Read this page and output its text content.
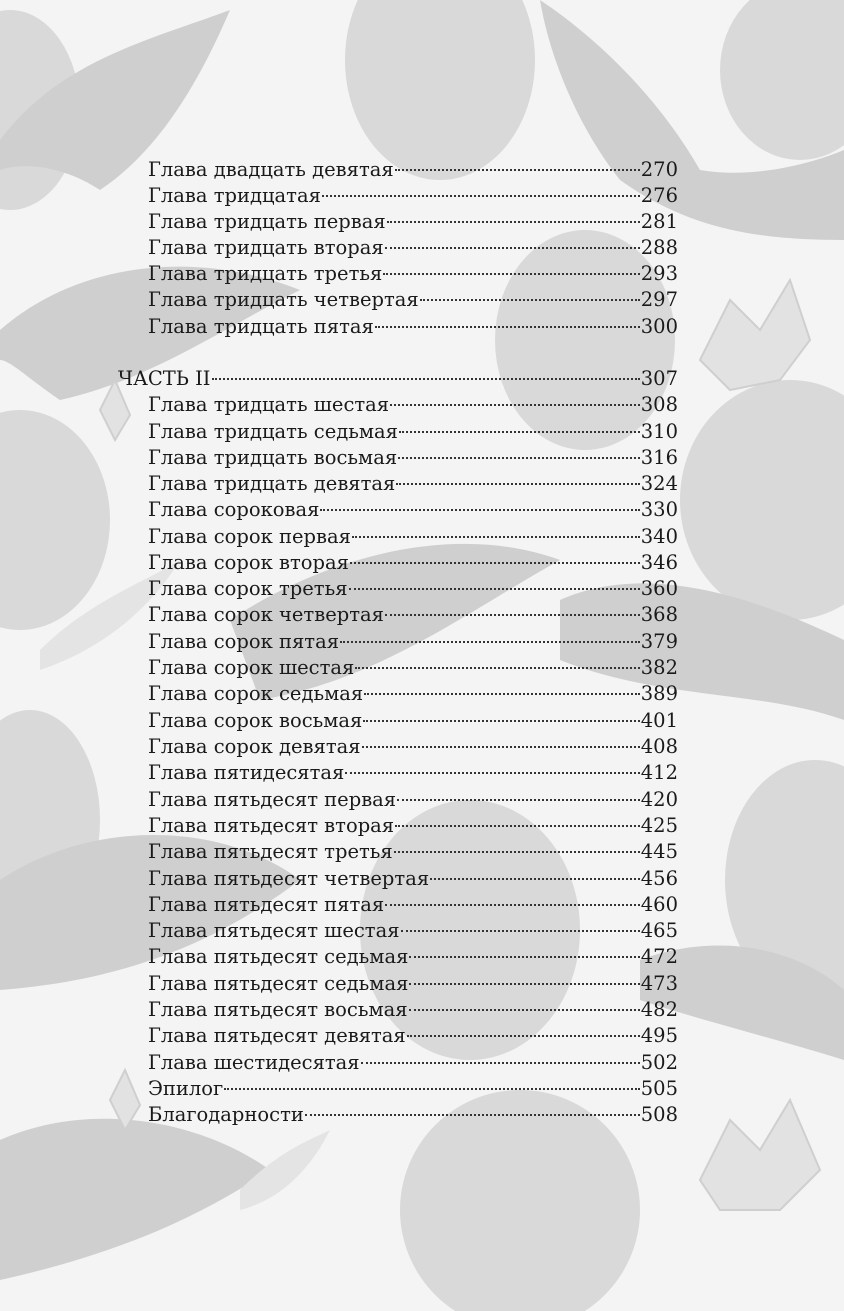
Глава двадцать девятая	270
Глава тридцатая	276
Глава тридцать первая	281
Глава тридцать вторая	288
Глава тридцать третья	293
Глава тридцать четвертая	297
Глава тридцать пятая	300
ЧАСТЬ II	307
Глава тридцать шестая	308
Глава тридцать седьмая	310
Глава тридцать восьмая	316
Глава тридцать девятая	324
Глава сороковая	330
Глава сорок первая	340
Глава сорок вторая	346
Глава сорок третья	360
Глава сорок четвертая	368
Глава сорок пятая	379
Глава сорок шестая	382
Глава сорок седьмая	389
Глава сорок восьмая	401
Глава сорок девятая	408
Глава пятидесятая	412
Глава пятьдесят первая	420
Глава пятьдесят вторая	425
Глава пятьдесят третья	445
Глава пятьдесят четвертая	456
Глава пятьдесят пятая	460
Глава пятьдесят шестая	465
Глава пятьдесят седьмая	472
Глава пятьдесят седьмая	473
Глава пятьдесят восьмая	482
Глава пятьдесят девятая	495
Глава шестидесятая	502
Эпилог	505
Благодарности	508
